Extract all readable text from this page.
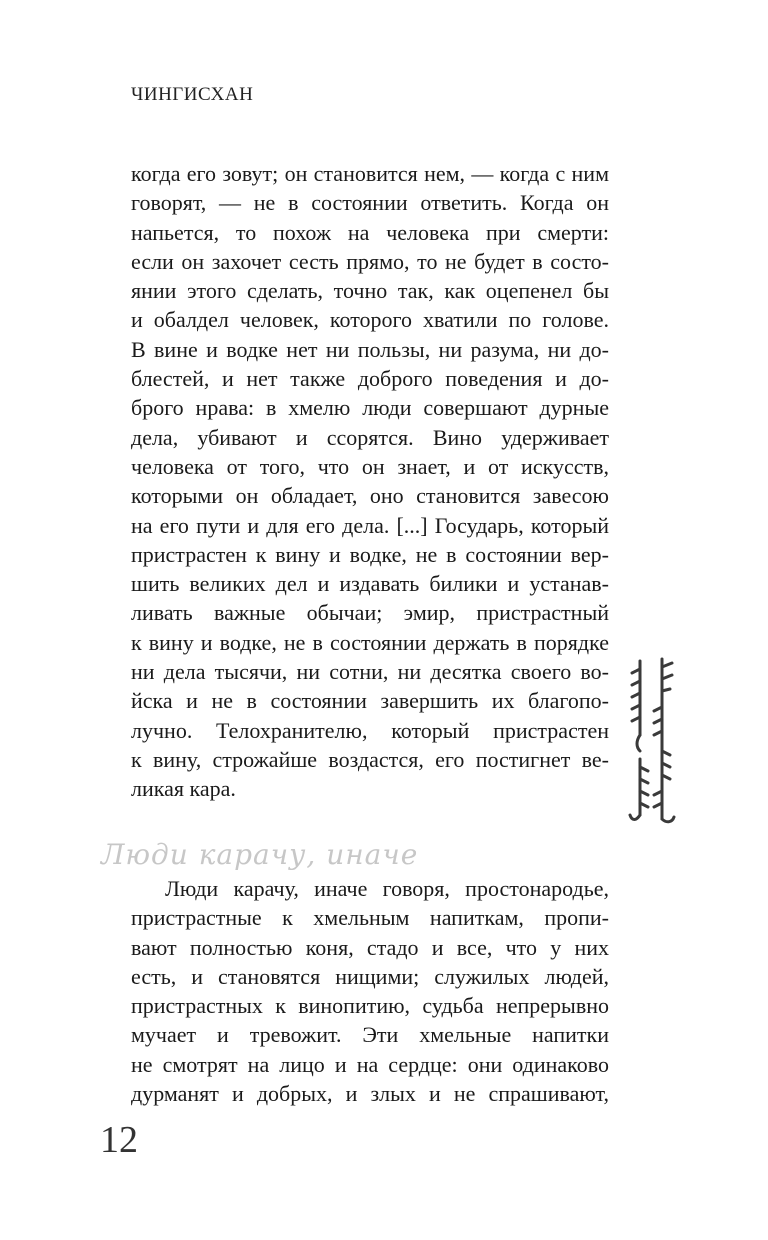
ЧИНГИСХАН
когда его зовут; он становится нем, — когда с ним
говорят, — не в состоянии ответить. Когда он
напьется, то похож на человека при смерти:
если он захочет сесть прямо, то не будет в состо-
янии этого сделать, точно так, как оцепенел бы
и обалдел человек, которого хватили по голове.
В вине и водке нет ни пользы, ни разума, ни до-
блестей, и нет также доброго поведения и до-
брого нрава: в хмелю люди совершают дурные
дела, убивают и ссорятся. Вино удерживает
человека от того, что он знает, и от искусств,
которыми он обладает, оно становится завесою
на его пути и для его дела. [...] Государь, который
пристрастен к вину и водке, не в состоянии вер-
шить великих дел и издавать билики и устанав-
ливать важные обычаи; эмир, пристрастный
к вину и водке, не в состоянии держать в порядке
ни дела тысячи, ни сотни, ни десятка своего во-
йска и не в состоянии завершить их благопо-
лучно. Телохранителю, который пристрастен
к вину, строжайше воздастся, его постигнет ве-
ликая кара.
Люди карачу, иначе
Люди карачу, иначе говоря, простонародье,
пристрастные к хмельным напиткам, пропи-
вают полностью коня, стадо и все, что у них
есть, и становятся нищими; служилых людей,
пристрастных к винопитию, судьба непрерывно
мучает и тревожит. Эти хмельные напитки
не смотрят на лицо и на сердце: они одинаково
дурманят и добрых, и злых и не спрашивают,
12
